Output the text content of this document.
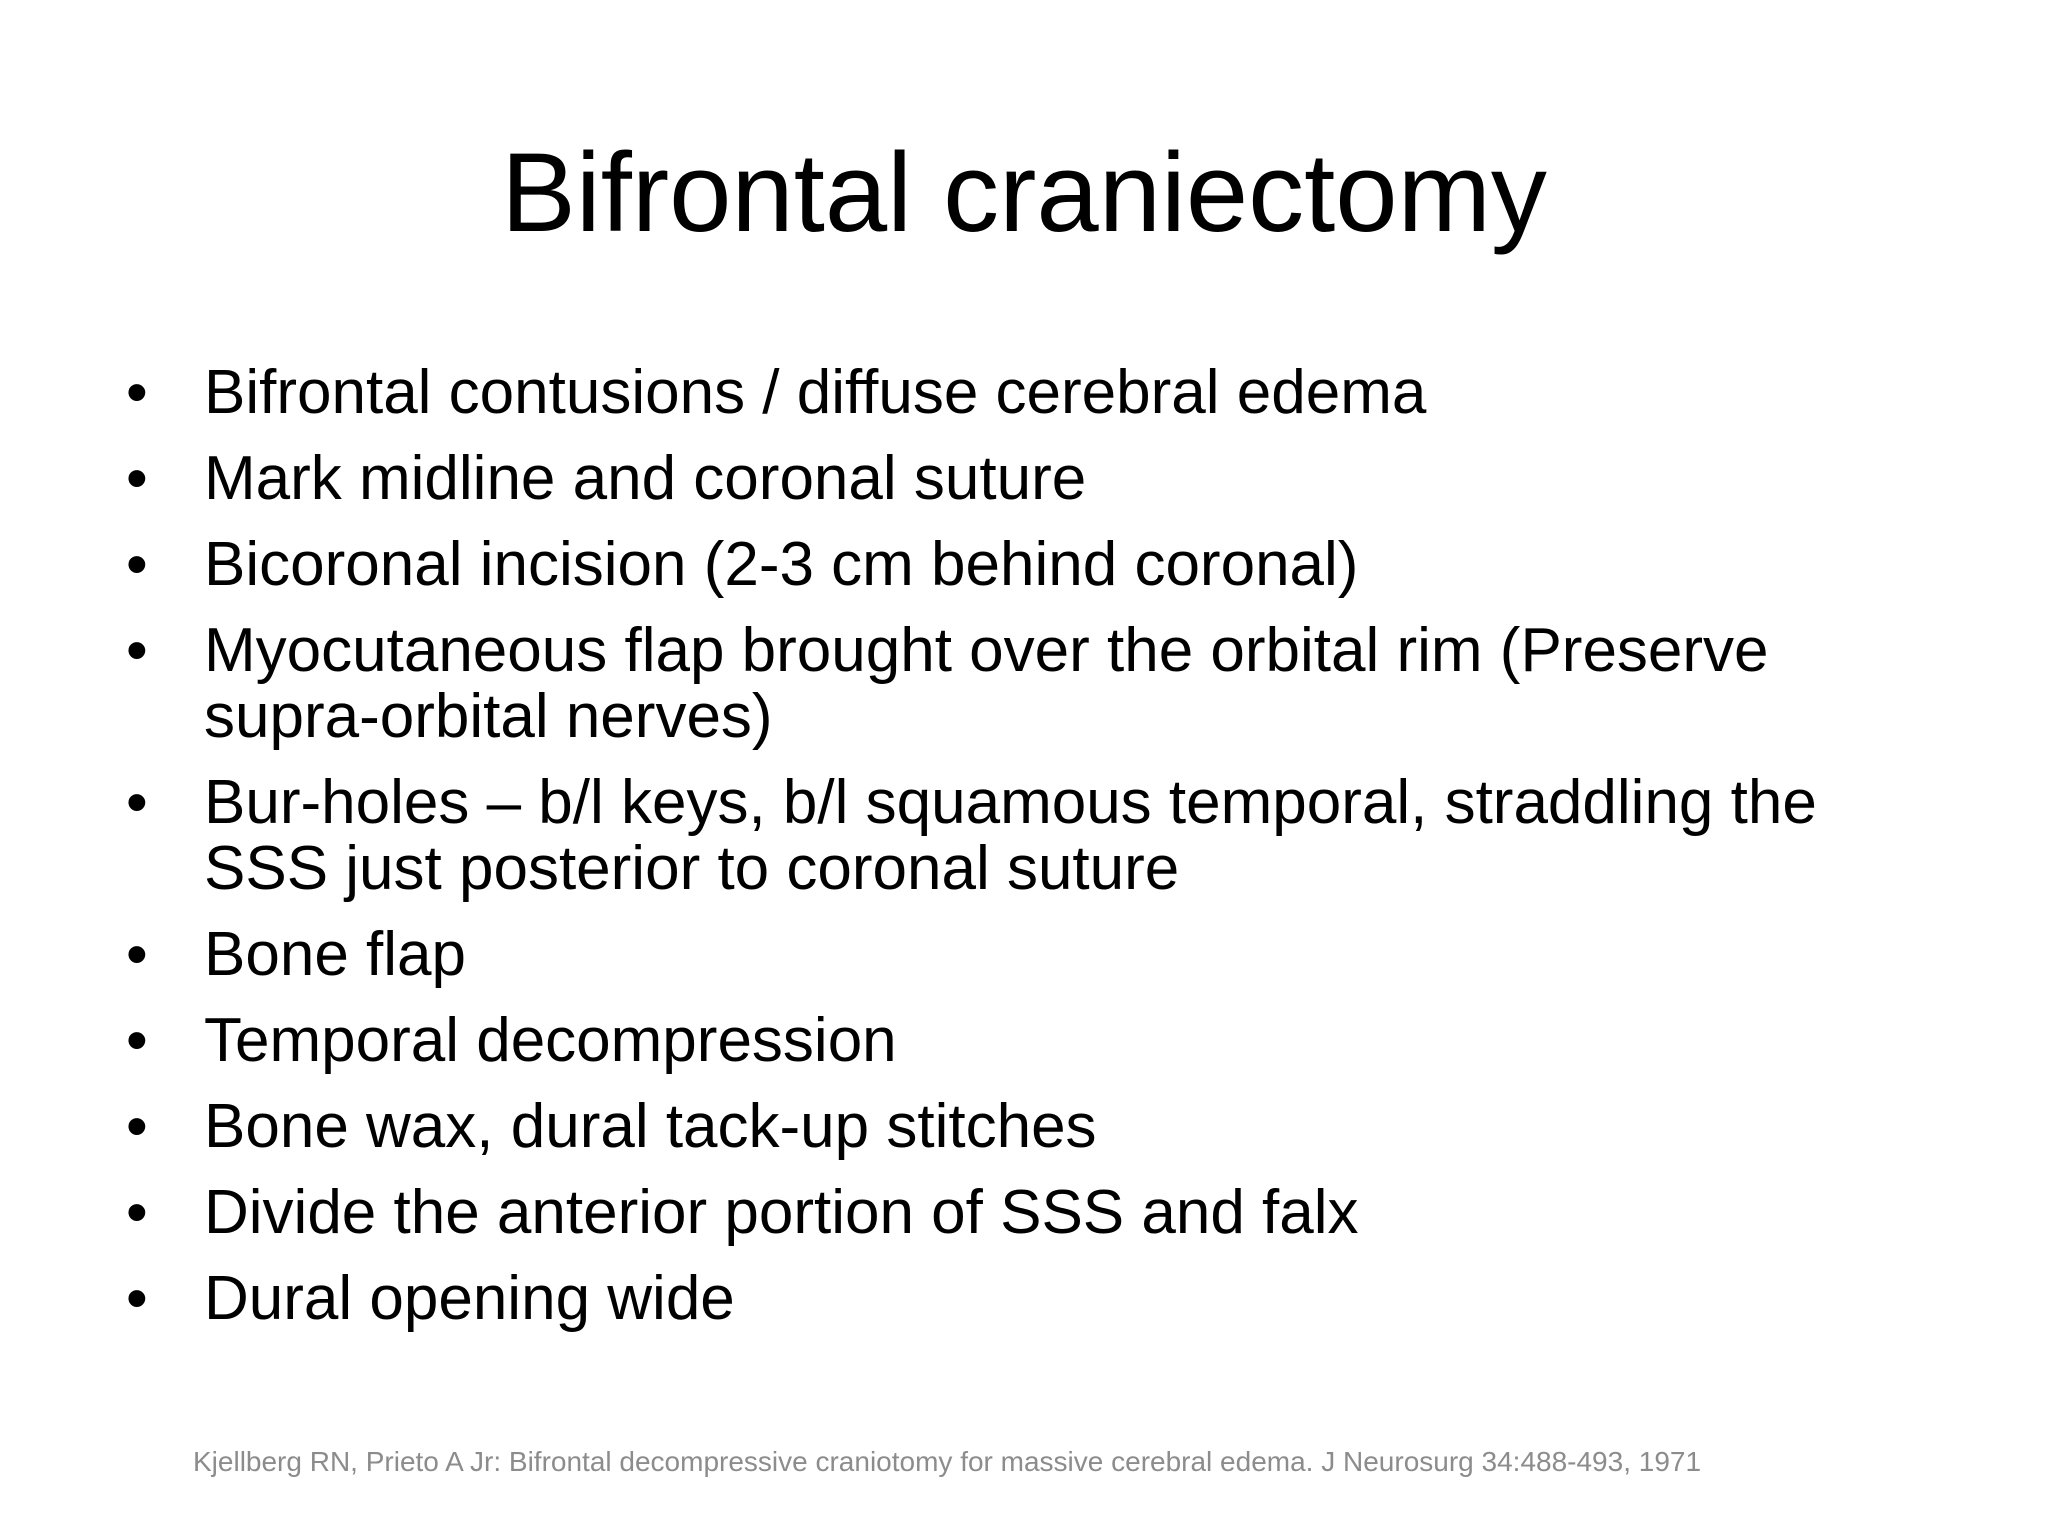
Bifrontal craniectomy
• Bifrontal contusions / diffuse cerebral edema
• Mark midline and coronal suture
• Bicoronal incision (2-3 cm behind coronal)
• Myocutaneous flap brought over the orbital rim (Preserve supra-orbital nerves)
• Bur-holes – b/l keys, b/l squamous temporal, straddling the SSS just posterior to coronal suture
• Bone flap
• Temporal decompression
• Bone wax, dural tack-up stitches
• Divide the anterior portion of SSS and falx
• Dural opening wide
Kjellberg RN, Prieto A Jr: Bifrontal decompressive craniotomy for massive cerebral edema. J Neurosurg 34:488-493, 1971
